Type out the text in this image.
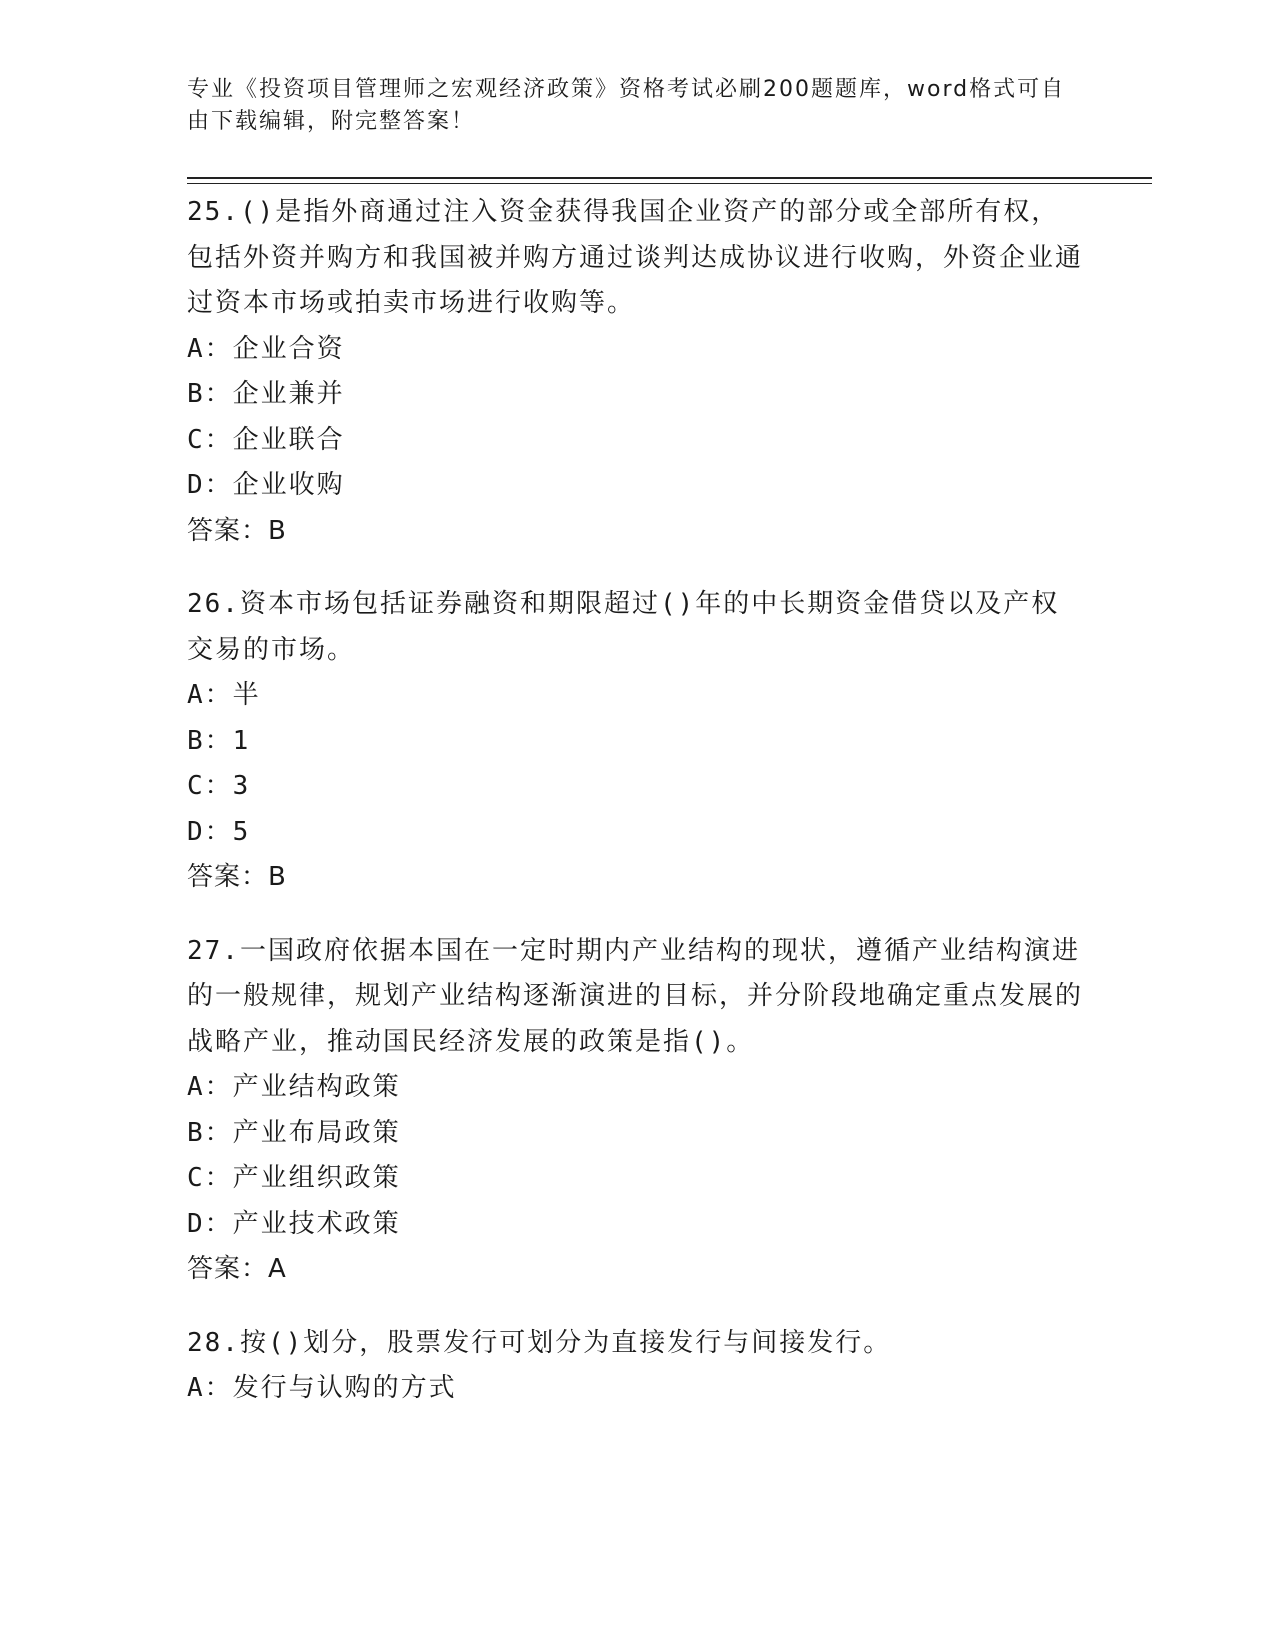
专业《投资项目管理师之宏观经济政策》资格考试必刷200题题库，word格式可自由下载编辑，附完整答案！

25.()是指外商通过注入资金获得我国企业资产的部分或全部所有权，包括外资并购方和我国被并购方通过谈判达成协议进行收购，外资企业通过资本市场或拍卖市场进行收购等。

A：企业合资

B：企业兼并

C：企业联合

D：企业收购

答案：B

26.资本市场包括证券融资和期限超过()年的中长期资金借贷以及产权交易的市场。

A：半

B：1

C：3

D：5

答案：B

27.一国政府依据本国在一定时期内产业结构的现状，遵循产业结构演进的一般规律，规划产业结构逐渐演进的目标，并分阶段地确定重点发展的战略产业，推动国民经济发展的政策是指()。

A：产业结构政策

B：产业布局政策

C：产业组织政策

D：产业技术政策

答案：A

28.按()划分，股票发行可划分为直接发行与间接发行。

A：发行与认购的方式
